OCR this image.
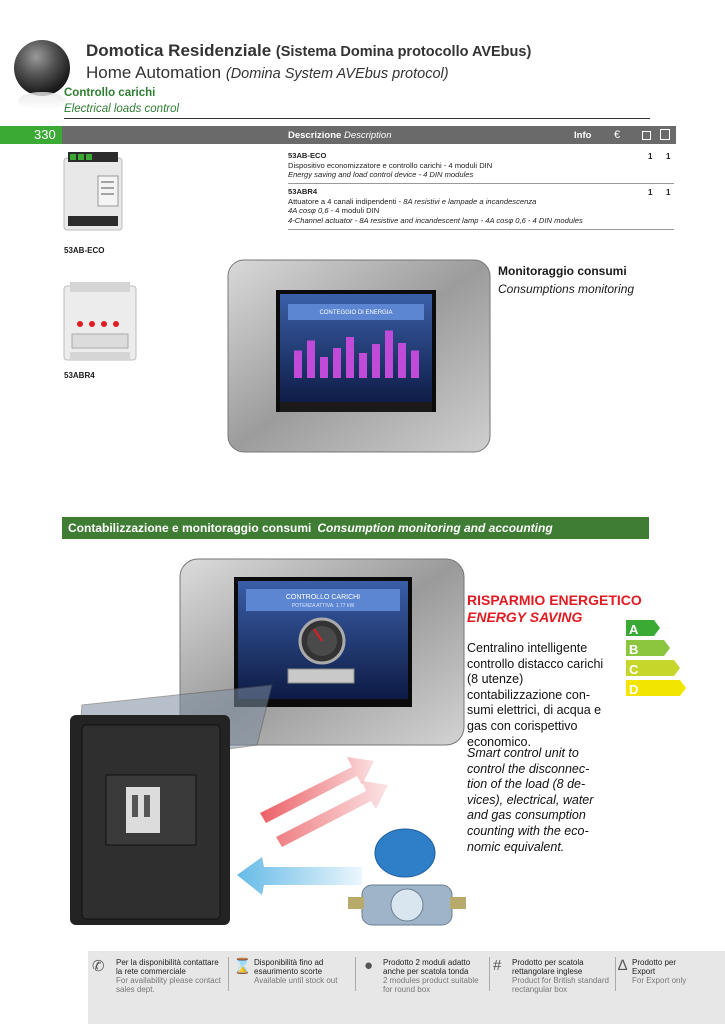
Domotica Residenziale (Sistema Domina protocollo AVEbus)
Home Automation (Domina System AVEbus protocol)
Controllo carichi
Electrical loads control
330	Descrizione Description	Info €
53AB-ECO
Dispositivo economizzatore e controllo carichi - 4 moduli DIN
Energy saving and load control device - 4 DIN modules
1 1
53ABR4
Attuatore a 4 canali indipendenti - 8A resistivi e lampade a incandescenza
4A cosφ 0,6 - 4 moduli DIN
4-Channel actuator - 8A resistive and incandescent lamp - 4A cosφ 0,6 - 4 DIN modules
1 1
53AB-ECO
53ABR4
CONTEGGIO DI ENERGIA
Monitoraggio consumi
Consumptions monitoring
Contabilizzazione e monitoraggio consumi Consumption monitoring and accounting
CONTROLLO CARICHI
POTENZA ATTIVA: 1.77 kW	RISPARMIO ENERGETICO
ENERGY SAVING
A
B
C
D
Centralino intelligente controllo distacco carichi (8 utenze) contabilizzazione con-sumi elettrici, di acqua e gas con corispettivo economico.
Smart control unit to control the disconnec-tion of the load (8 de-vices), electrical, water and gas consumption counting with the eco-nomic equivalent.
✆ Per la disponibilità contattare la rete commerciale
For availability please contact sales dept.
⌛ Disponibilità fino ad esaurimento scorte
Available until stock out
● Prodotto 2 moduli adatto anche per scatola tonda
2 modules product suitable for round box
# Prodotto per scatola rettangolare inglese
Product for British standard rectangular box
∆ Prodotto per Export
For Export only
